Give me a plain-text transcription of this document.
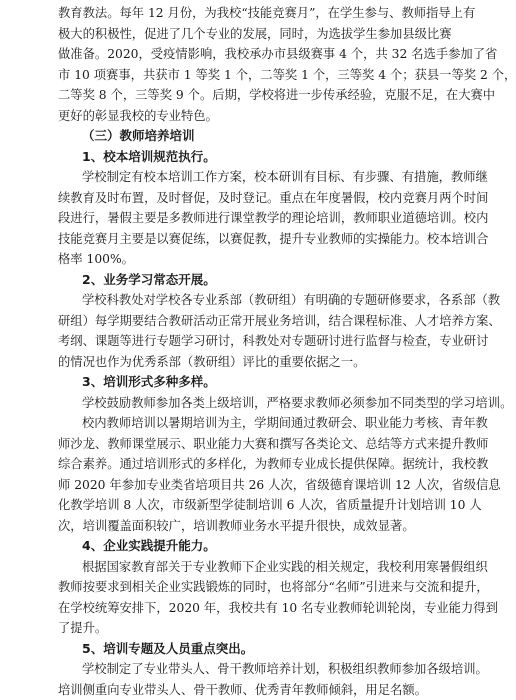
教育教法。每年 12 月份，为我校“技能竞赛月”，在学生参与、教师指导上有
极大的积极性，促进了几个专业的发展，同时，为选拔学生参加县级比赛
做准备。2020，受疫情影响，我校承办市县级赛事 4 个，共 32 名选手参加了省
市 10 项赛事，共获市 1 等奖 1 个，二等奖 1 个，三等奖 4 个；获县一等奖 2 个，
二等奖 8 个，三等奖 9 个。后期，学校将进一步传承经验，克服不足，在大赛中
更好的彰显我校的专业特色。
（三）教师培养培训
1、校本培训规范执行。
学校制定有校本培训工作方案，校本研训有目标、有步骤、有措施，教师继
续教育及时布置，及时督促，及时登记。重点在年度暑假，校内竞赛月两个时间
段进行，暑假主要是多教师进行课堂教学的理论培训，教师职业道德培训。校内
技能竞赛月主要是以赛促练，以赛促教，提升专业教师的实操能力。校本培训合
格率 100%。
2、业务学习常态开展。
学校科教处对学校各专业系部（教研组）有明确的专题研修要求，各系部（教
研组）每学期要结合教研活动正常开展业务培训，结合课程标准、人才培养方案、
考纲、课题等进行专题学习研讨，科教处对专题研讨进行监督与检查，专业研讨
的情况也作为优秀系部（教研组）评比的重要依据之一。
3、培训形式多种多样。
学校鼓励教师参加各类上级培训，严格要求教师必须参加不同类型的学习培训。
校内教师培训以暑期培训为主，学期间通过教研会、职业能力考核、青年教
师沙龙、教师课堂展示、职业能力大赛和撰写各类论文、总结等方式来提升教师
综合素养。通过培训形式的多样化，为教师专业成长提供保障。据统计，我校教
师 2020 年参加专业类省培项目共 26 人次，省级德育课培训 12 人次，省级信息
化教学培训 8 人次，市级新型学徒制培训 6 人次，省质量提升计划培训 10 人
次，培训覆盖面积较广，培训教师业务水平提升很快，成效显著。
4、企业实践提升能力。
根据国家教育部关于专业教师下企业实践的相关规定，我校利用寒暑假组织
教师按要求到相关企业实践锻炼的同时，也将部分“名师”引进来与交流和提升，
在学校统筹安排下，2020 年，我校共有 10 名专业教师轮训轮岗，专业能力得到
了提升。
5、培训专题及人员重点突出。
学校制定了专业带头人、骨干教师培养计划，积极组织教师参加各级培训。
培训侧重向专业带头人、骨干教师、优秀青年教师倾斜，用足名额。
